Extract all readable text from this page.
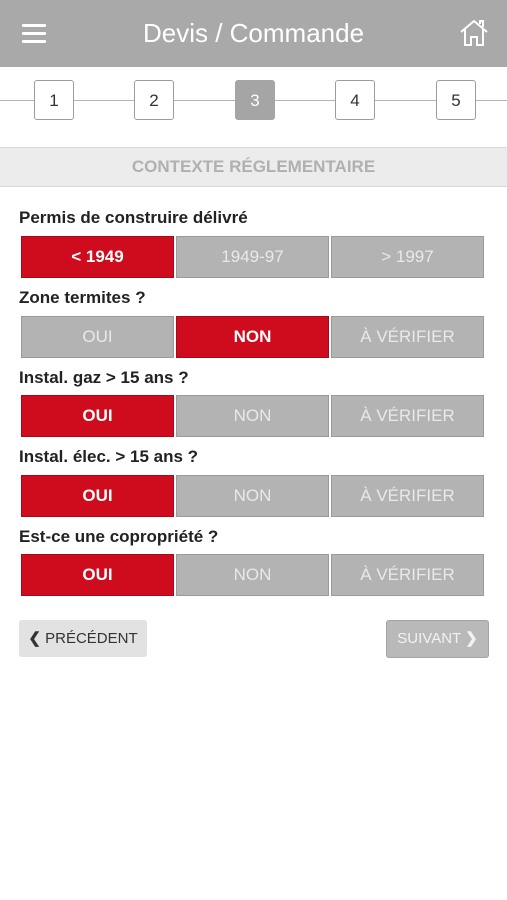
Devis / Commande
1	2	3	4	5
CONTEXTE RÉGLEMENTAIRE
Permis de construire délivré
< 1949	1949-97	> 1997
Zone termites ?
OUI	NON	À VÉRIFIER
Instal. gaz > 15 ans ?
OUI	NON	À VÉRIFIER
Instal. élec. > 15 ans ?
OUI	NON	À VÉRIFIER
Est-ce une copropriété ?
OUI	NON	À VÉRIFIER
❮ PRÉCÉDENT	SUIVANT ❯
